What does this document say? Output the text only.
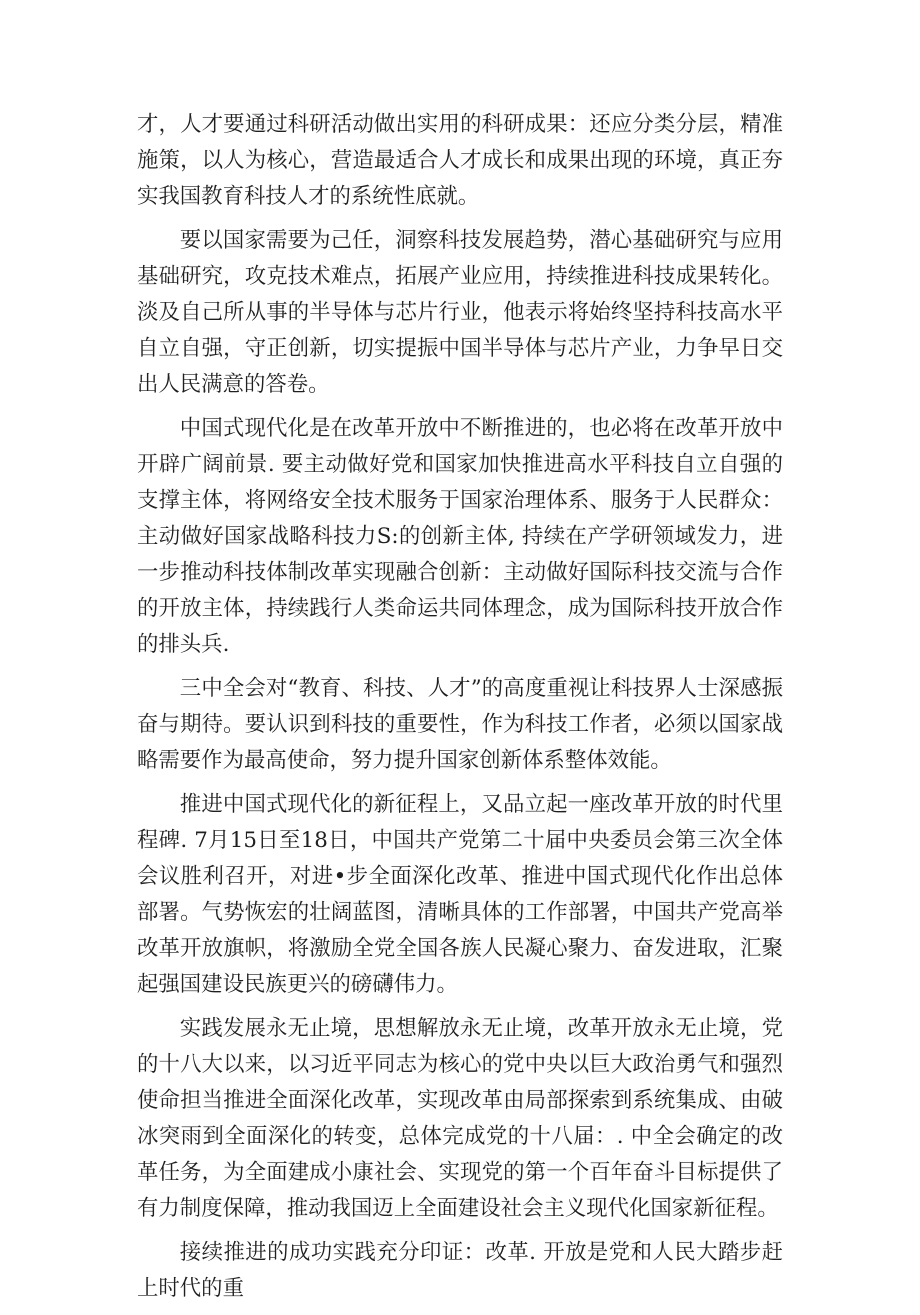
才，人才要通过科研活动做出实用的科研成果：还应分类分层，精准施策，以人为核心，营造最适合人才成长和成果出现的环境，真正夯实我国教育科技人才的系统性底就。

要以国家需要为己任，洞察科技发展趋势，潜心基础研究与应用基础研究，攻克技术难点，拓展产业应用，持续推进科技成果转化。淡及自己所从事的半导体与芯片行业，他表示将始终坚持科技高水平自立自强，守正创新，切实提振中国半导体与芯片产业，力争早日交出人民满意的答卷。

中国式现代化是在改革开放中不断推进的，也必将在改革开放中开辟广阔前景. 要主动做好党和国家加快推进高水平科技自立自强的支撑主体，将网络安全技术服务于国家治理体系、服务于人民群众：主动做好国家战略科技力S:的创新主体, 持续在产学研领域发力，进一步推动科技体制改革实现融合创新：主动做好国际科技交流与合作的开放主体，持续践行人类命运共同体理念，成为国际科技开放合作的排头兵.

三中全会对“教育、科技、人才”的高度重视让科技界人士深感振奋与期待。要认识到科技的重要性，作为科技工作者，必须以国家战略需要作为最高使命，努力提升国家创新体系整体效能。

推进中国式现代化的新征程上，又品立起一座改革开放的时代里程碑. 7月15日至18日，中国共产党第二十届中央委员会第三次全体会议胜利召开，对进•步全面深化改革、推进中国式现代化作出总体部署。气势恢宏的壮阔蓝图，清晰具体的工作部署，中国共产党高举改革开放旗帜，将激励全党全国各族人民凝心聚力、奋发进取，汇聚起强国建设民族更兴的磅礴伟力。

实践发展永无止境，思想解放永无止境，改革开放永无止境，党的十八大以来，以习近平同志为核心的党中央以巨大政治勇气和强烈使命担当推进全面深化改革，实现改革由局部探索到系统集成、由破冰突雨到全面深化的转变，总体完成党的十八届：. 中全会确定的改革任务，为全面建成小康社会、实现党的第一个百年奋斗目标提供了有力制度保障，推动我国迈上全面建设社会主义现代化国家新征程。

接续推进的成功实践充分印证：改革. 开放是党和人民大踏步赶上时代的重
